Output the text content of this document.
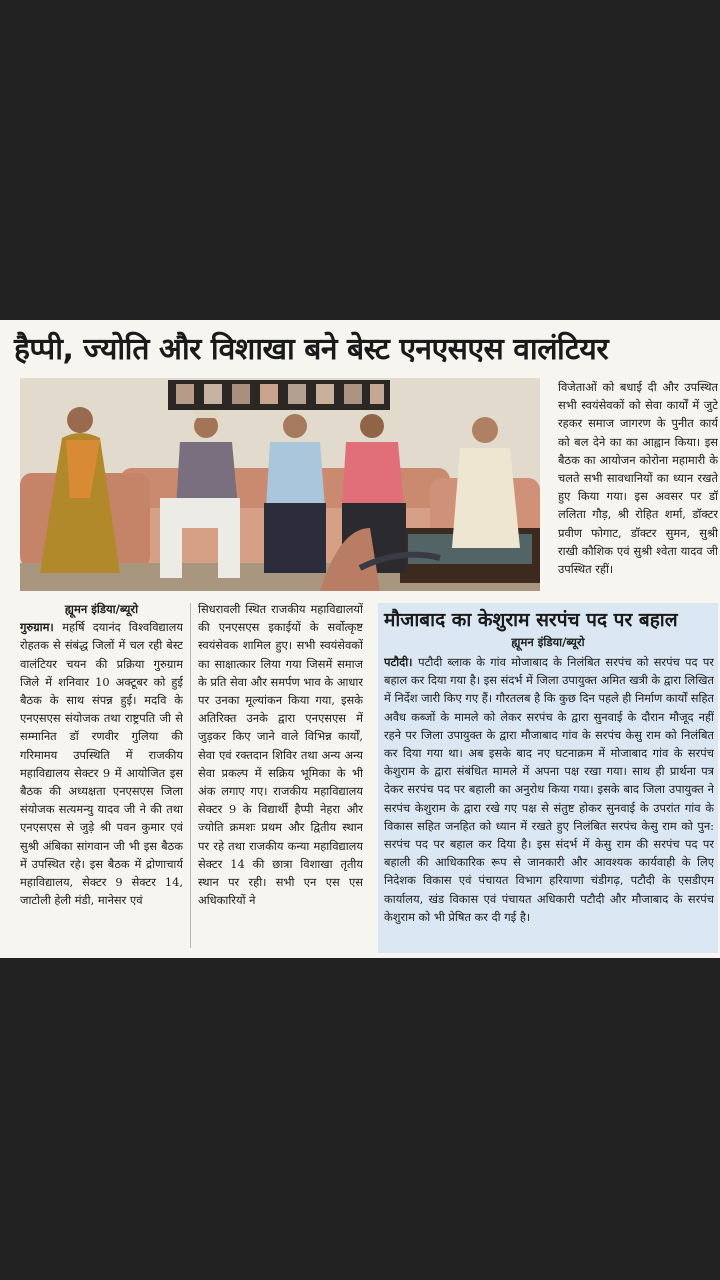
हैप्पी, ज्योति और विशाखा बने बेस्ट एनएसएस वालंटियर
विजेताओं को बधाई दी और उपस्थित सभी स्वयंसेवकों को सेवा कार्यों में जुटे रहकर समाज जागरण के पुनीत कार्य को बल देने का का आह्वान किया। इस बैठक का आयोजन कोरोना महामारी के चलते सभी सावधानियों का ध्यान रखते हुए किया गया। इस अवसर पर डॉ ललिता गौड़, श्री रोहित शर्मा, डॉक्टर प्रवीण फोगाट, डॉक्टर सुमन, सुश्री राखी कौशिक एवं सुश्री श्वेता यादव जी उपस्थित रहीं।
ह्यूमन इंडिया/ब्यूरो
गुरुग्राम। महर्षि दयानंद विश्वविद्यालय रोहतक से संबंद्ध जिलों में चल रही बेस्ट वालंटियर चयन की प्रक्रिया गुरुग्राम जिले में शनिवार 10 अक्टूबर को हुई बैठक के साथ संपन्न हुई। मदवि के एनएसएस संयोजक तथा राष्ट्रपति जी से सम्मानित डॉ रणवीर गुलिया की गरिमामय उपस्थिति में राजकीय महाविद्यालय सेक्टर 9 में आयोजित इस बैठक की अध्यक्षता एनएसएस जिला संयोजक सत्यमन्यु यादव जी ने की तथा एनएसएस से जुड़े श्री पवन कुमार एवं सुश्री अंबिका सांगवान जी भी इस बैठक में उपस्थित रहे। इस बैठक में द्रोणाचार्य महाविद्यालय, सेक्टर 9 सेक्टर 14, जाटोली हेली मंडी, मानेसर एवं
सिधरावली स्थित राजकीय महाविद्यालयों की एनएसएस इकाईयों के सर्वोत्कृष्ट स्वयंसेवक शामिल हुए। सभी स्वयंसेवकों का साक्षात्कार लिया गया जिसमें समाज के प्रति सेवा और समर्पण भाव के आधार पर उनका मूल्यांकन किया गया, इसके अतिरिक्त उनके द्वारा एनएसएस में जुड़कर किए जाने वाले विभिन्न कार्यों, सेवा एवं रक्तदान शिविर तथा अन्य अन्य सेवा प्रकल्प में सक्रिय भूमिका के भी अंक लगाए गए। राजकीय महाविद्यालय सेक्टर 9 के विद्यार्थी हैप्पी नेहरा और ज्योति क्रमशः प्रथम और द्वितीय स्थान पर रहे तथा राजकीय कन्या महाविद्यालय सेक्टर 14 की छात्रा विशाखा तृतीय स्थान पर रही। सभी एन एस एस अधिकारियों ने
मौजाबाद का केशुराम सरपंच पद पर बहाल
ह्यूमन इंडिया/ब्यूरो
पटौदी। पटौदी ब्लाक के गांव मोजाबाद के निलंबित सरपंच को सरपंच पद पर बहाल कर दिया गया है। इस संदर्भ में जिला उपायुक्त अमित खत्री के द्वारा लिखित में निर्देश जारी किए गए हैं। गौरतलब है कि कुछ दिन पहले ही निर्माण कार्यों सहित अवैध कब्जों के मामले को लेकर सरपंच के द्वारा सुनवाई के दौरान मौजूद नहीं रहने पर जिला उपायुक्त के द्वारा मौजाबाद गांव के सरपंच केसु राम को निलंबित कर दिया गया था। अब इसके बाद नए घटनाक्रम में मोजाबाद गांव के सरपंच केशुराम के द्वारा संबंधित मामले में अपना पक्ष रखा गया। साथ ही प्रार्थना पत्र देकर सरपंच पद पर बहाली का अनुरोध किया गया। इसके बाद जिला उपायुक्त ने सरपंच केशुराम के द्वारा रखे गए पक्ष से संतुष्ट होकर सुनवाई के उपरांत गांव के विकास सहित जनहित को ध्यान में रखते हुए निलंबित सरपंच केसु राम को पुन: सरपंच पद पर बहाल कर दिया है। इस संदर्भ में केसु राम की सरपंच पद पर बहाली की आधिकारिक रूप से जानकारी और आवश्यक कार्यवाही के लिए निदेशक विकास एवं पंचायत विभाग हरियाणा चंडीगढ़, पटौदी के एसडीएम कार्यालय, खंड विकास एवं पंचायत अधिकारी पटौदी और मौजाबाद के सरपंच केशुराम को भी प्रेषित कर दी गई है।
